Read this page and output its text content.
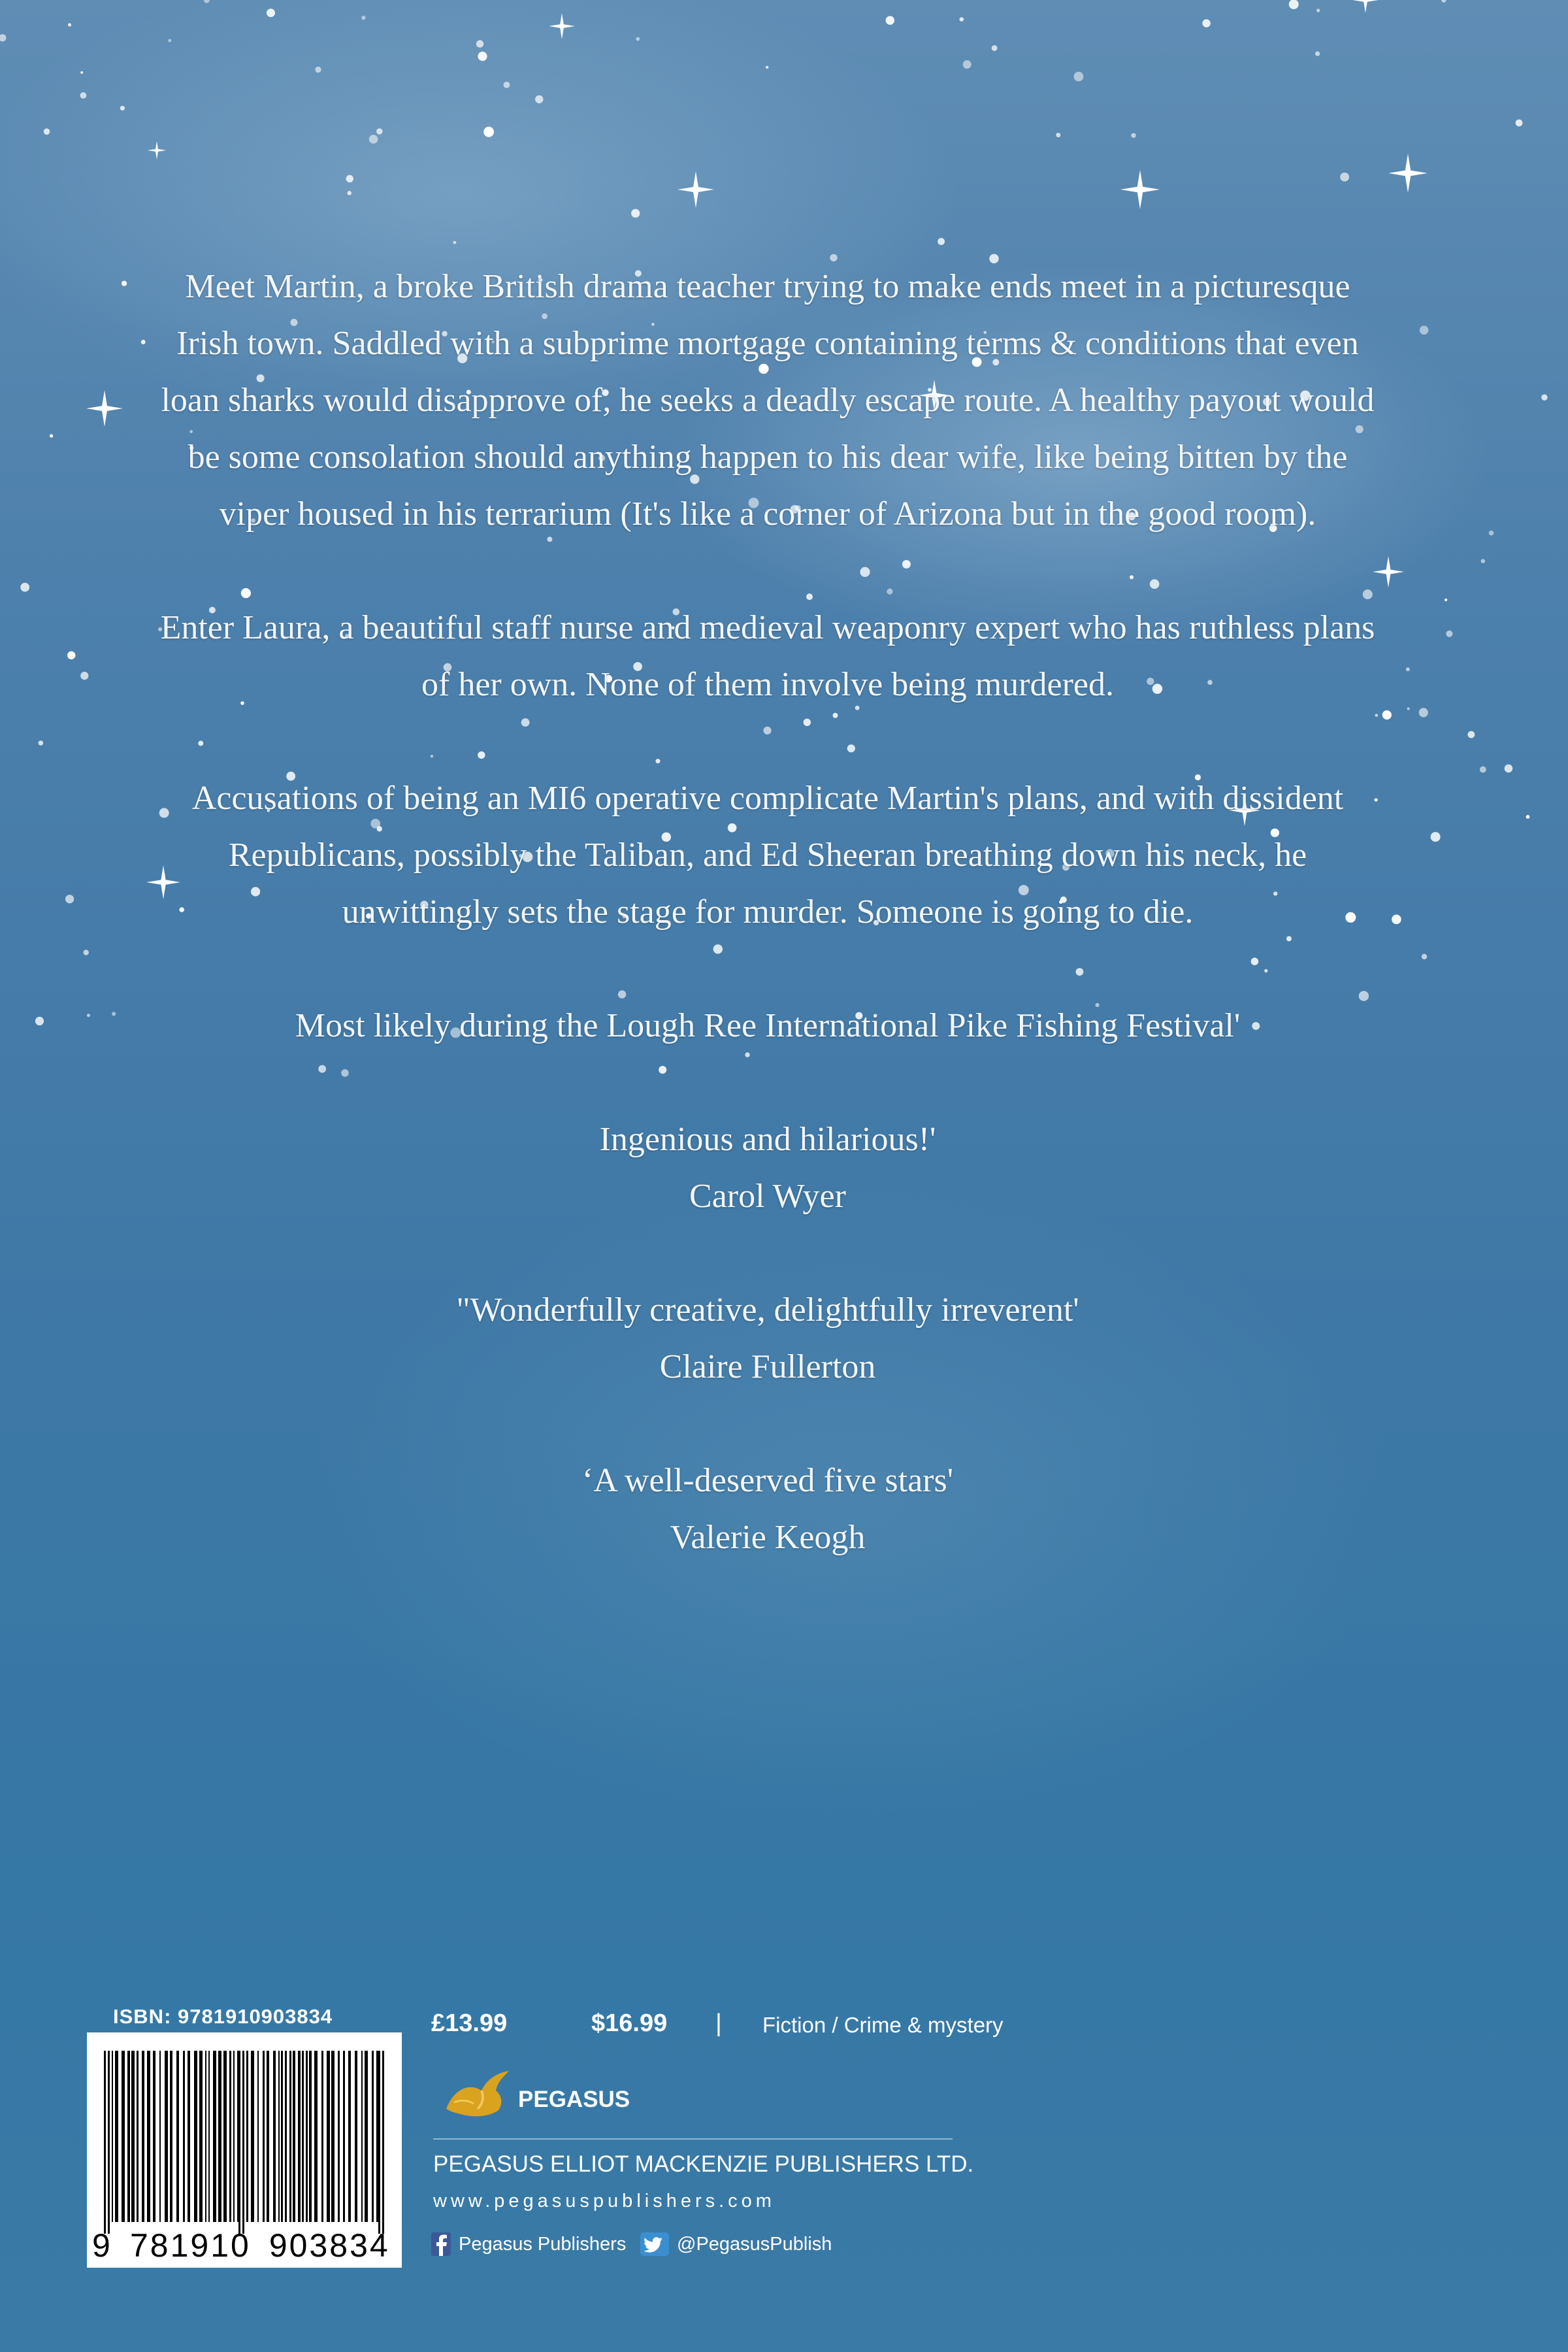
Meet Martin, a broke British drama teacher trying to make ends meet in a picturesque Irish town. Saddled with a subprime mortgage containing terms & conditions that even loan sharks would disapprove of, he seeks a deadly escape route. A healthy payout would be some consolation should anything happen to his dear wife, like being bitten by the viper housed in his terrarium (It's like a corner of Arizona but in the good room).

Enter Laura, a beautiful staff nurse and medieval weaponry expert who has ruthless plans of her own. None of them involve being murdered.

Accusations of being an MI6 operative complicate Martin's plans, and with dissident Republicans, possibly the Taliban, and Ed Sheeran breathing down his neck, he unwittingly sets the stage for murder. Someone is going to die.

Most likely during the Lough Ree International Pike Fishing Festival'

Ingenious and hilarious!'
Carol Wyer
"Wonderfully creative, delightfully irreverent'
Claire Fullerton
‘A well-deserved five stars'
Valerie Keogh
ISBN: 9781910903834
9 781910 903834
£13.99	$16.99 | Fiction / Crime & mystery
PEGASUS
PEGASUS ELLIOT MACKENZIE PUBLISHERS LTD.
www.pegasuspublishers.com
Pegasus Publishers	@PegasusPublish
